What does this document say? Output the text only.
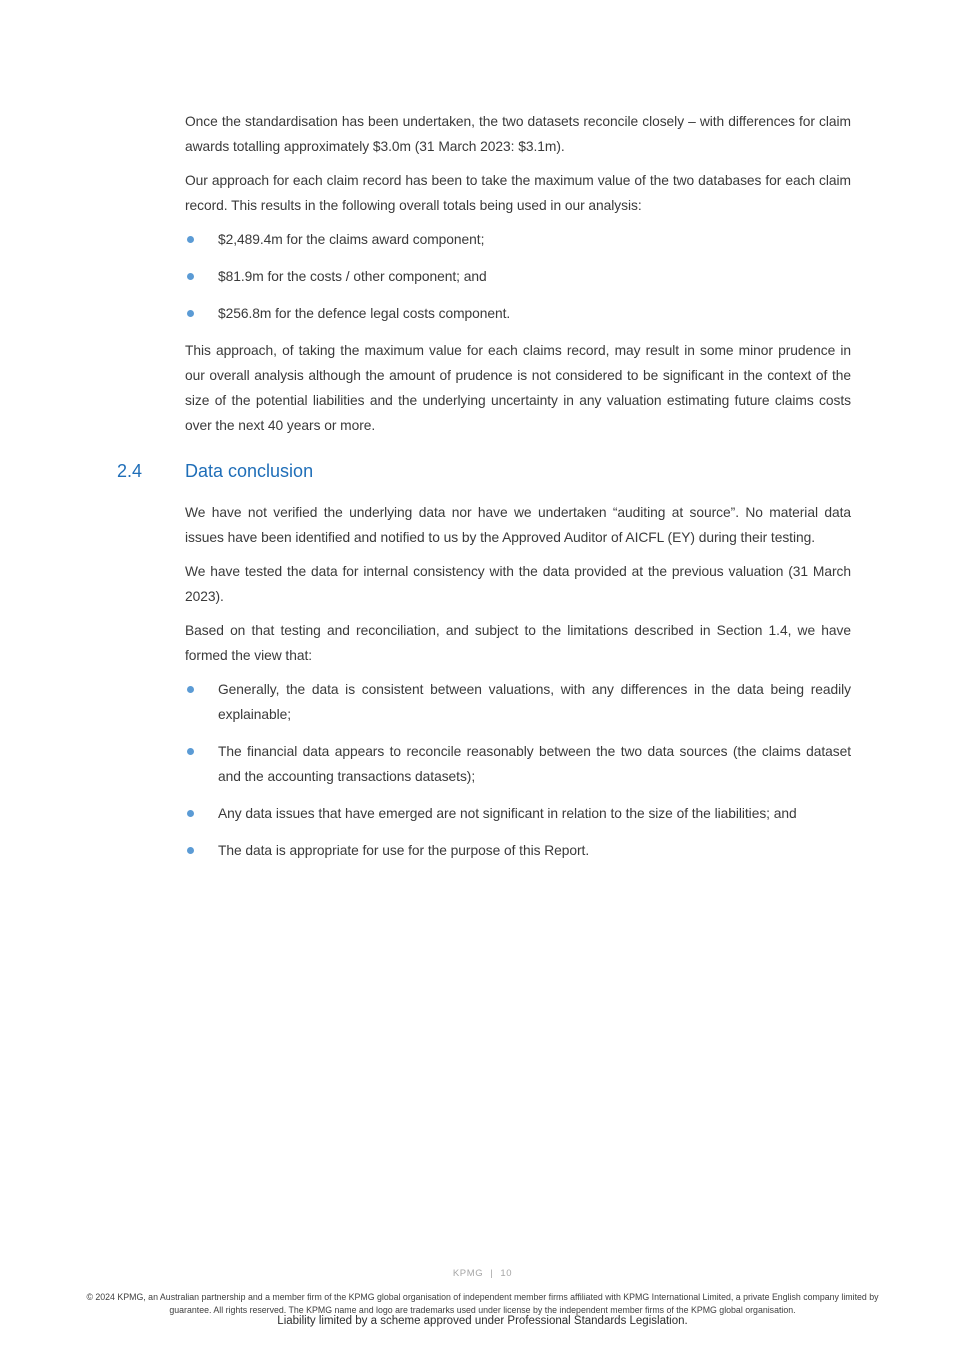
Once the standardisation has been undertaken, the two datasets reconcile closely – with differences for claim awards totalling approximately $3.0m (31 March 2023: $3.1m).

Our approach for each claim record has been to take the maximum value of the two databases for each claim record. This results in the following overall totals being used in our analysis:

$2,489.4m for the claims award component;
$81.9m for the costs / other component; and
$256.8m for the defence legal costs component.

This approach, of taking the maximum value for each claims record, may result in some minor prudence in our overall analysis although the amount of prudence is not considered to be significant in the context of the size of the potential liabilities and the underlying uncertainty in any valuation estimating future claims costs over the next 40 years or more.

2.4 Data conclusion

We have not verified the underlying data nor have we undertaken “auditing at source”. No material data issues have been identified and notified to us by the Approved Auditor of AICFL (EY) during their testing.

We have tested the data for internal consistency with the data provided at the previous valuation (31 March 2023).

Based on that testing and reconciliation, and subject to the limitations described in Section 1.4, we have formed the view that:

Generally, the data is consistent between valuations, with any differences in the data being readily explainable;
The financial data appears to reconcile reasonably between the two data sources (the claims dataset and the accounting transactions datasets);
Any data issues that have emerged are not significant in relation to the size of the liabilities; and
The data is appropriate for use for the purpose of this Report.
KPMG | 10

© 2024 KPMG, an Australian partnership and a member firm of the KPMG global organisation of independent member firms affiliated with KPMG International Limited, a private English company limited by guarantee. All rights reserved. The KPMG name and logo are trademarks used under license by the independent member firms of the KPMG global organisation.

Liability limited by a scheme approved under Professional Standards Legislation.
